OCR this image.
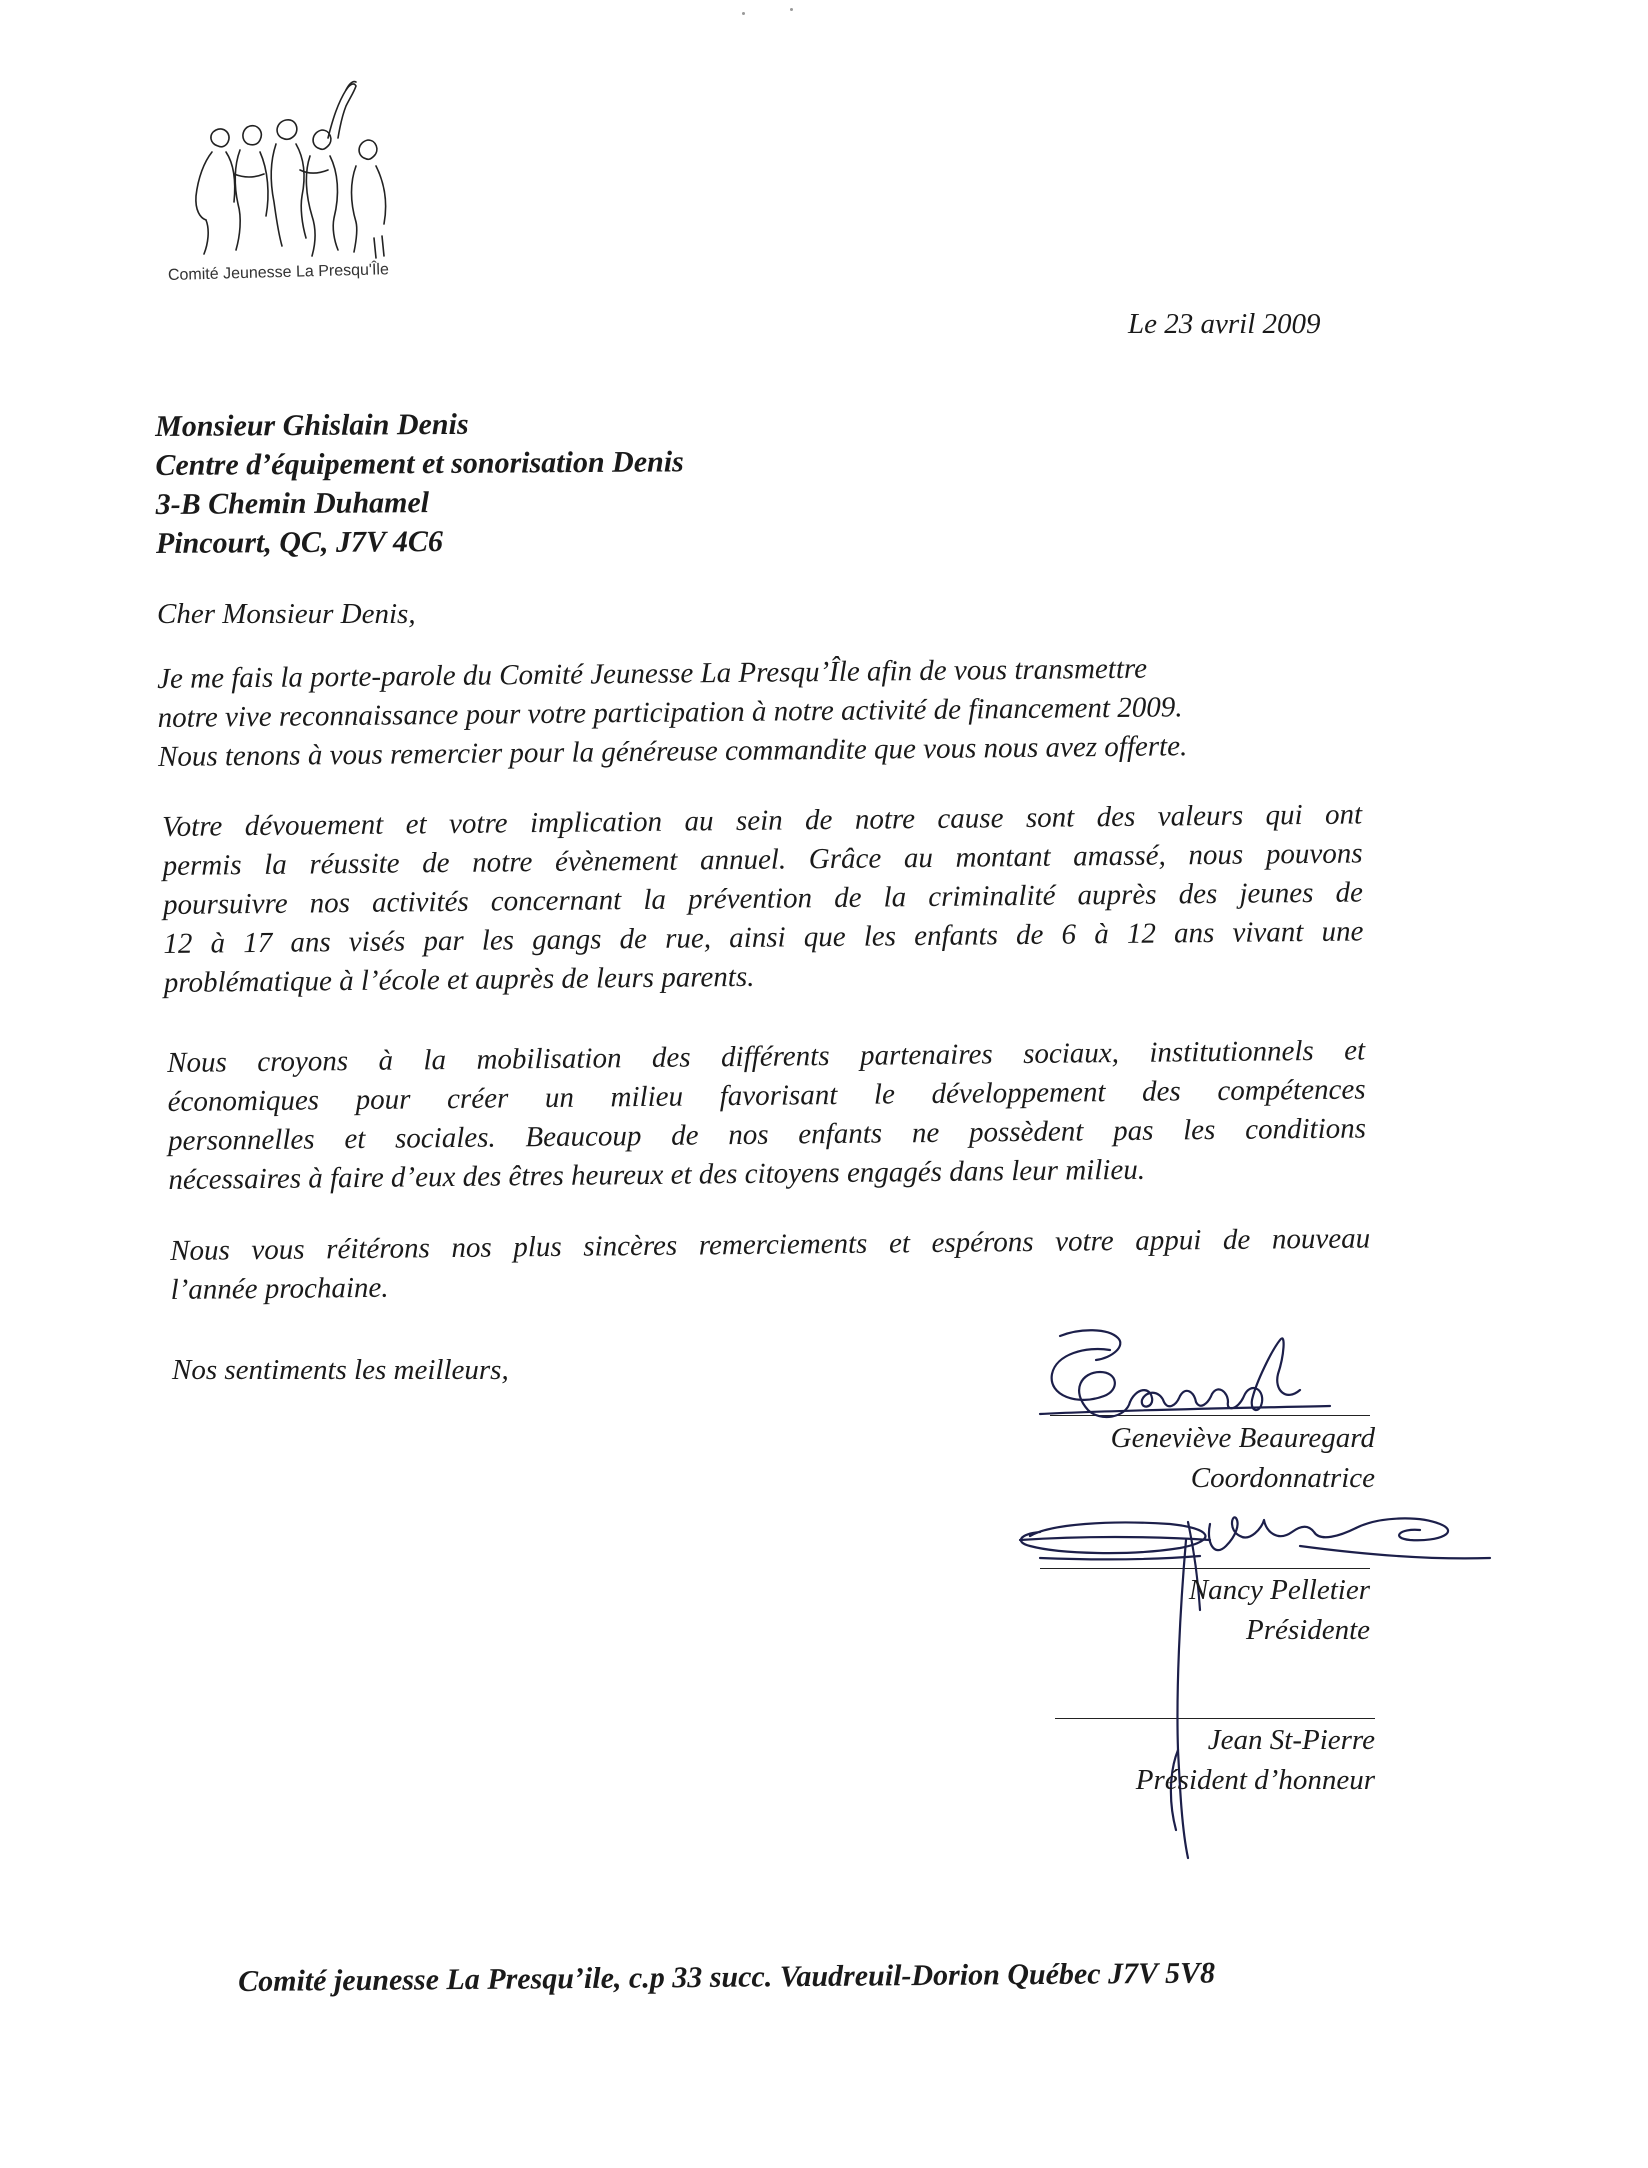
Comité Jeunesse La Presqu'Île
Le 23 avril 2009
Monsieur Ghislain Denis
Centre d’équipement et sonorisation Denis
3-B Chemin Duhamel
Pincourt, QC, J7V 4C6
Cher Monsieur Denis,
Je me fais la porte-parole du Comité Jeunesse La Presqu’Île afin de vous transmettre
notre vive reconnaissance pour votre participation à notre activité de financement 2009.
Nous tenons à vous remercier pour la généreuse commandite que vous nous avez offerte.
Votre dévouement et votre implication au sein de notre cause sont des valeurs qui ont
permis la réussite de notre évènement annuel. Grâce au montant amassé, nous pouvons
poursuivre nos activités concernant la prévention de la criminalité auprès des jeunes de
12 à 17 ans visés par les gangs de rue, ainsi que les enfants de 6 à 12 ans vivant une
problématique à l’école et auprès de leurs parents.
Nous croyons à la mobilisation des différents partenaires sociaux, institutionnels et
économiques pour créer un milieu favorisant le développement des compétences
personnelles et sociales. Beaucoup de nos enfants ne possèdent pas les conditions
nécessaires à faire d’eux des êtres heureux et des citoyens engagés dans leur milieu.
Nous vous réitérons nos plus sincères remerciements et espérons votre appui de nouveau
l’année prochaine.
Nos sentiments les meilleurs,
Geneviève Beauregard
Coordonnatrice
Nancy Pelletier
Présidente
Jean St-Pierre
Président d’honneur
Comité jeunesse La Presqu’ile, c.p 33 succ. Vaudreuil-Dorion Québec J7V 5V8
